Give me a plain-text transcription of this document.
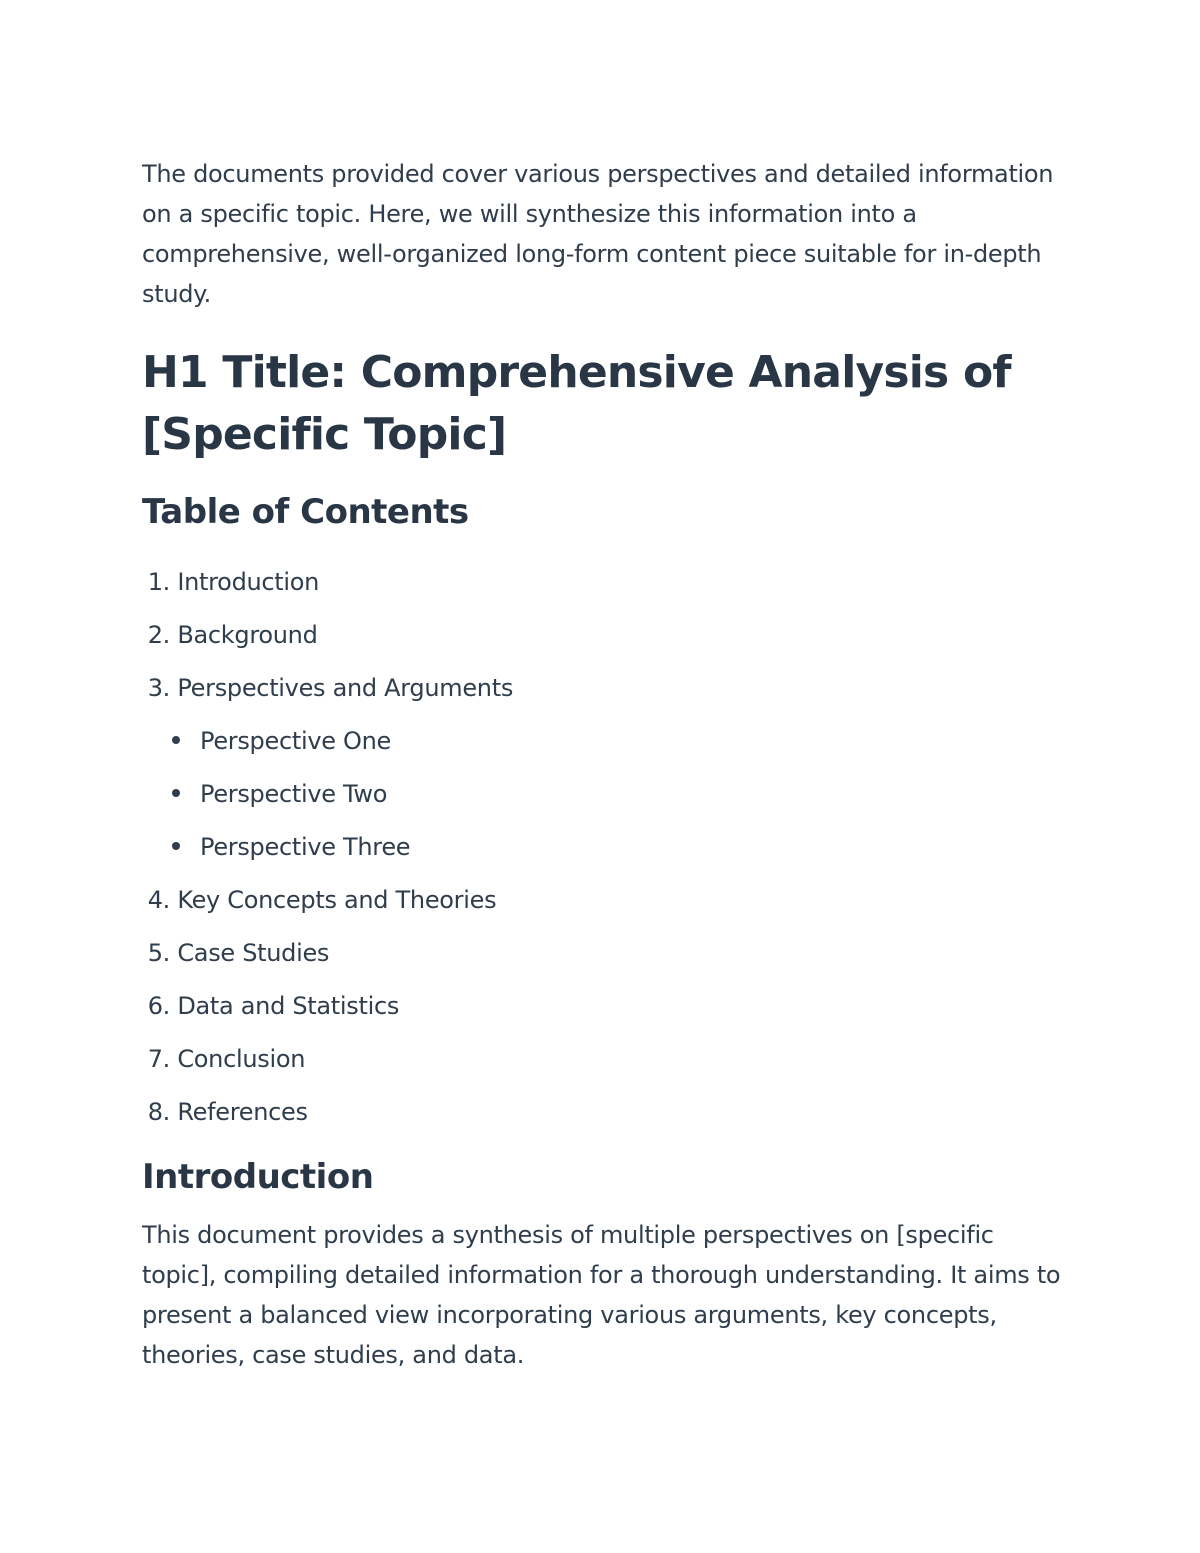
The documents provided cover various perspectives and detailed information on a specific topic. Here, we will synthesize this information into a comprehensive, well-organized long-form content piece suitable for in-depth study.

H1 Title: Comprehensive Analysis of [Specific Topic]
Table of Contents
1. Introduction
2. Background
3. Perspectives and Arguments
Perspective One
Perspective Two
Perspective Three
4. Key Concepts and Theories
5. Case Studies
6. Data and Statistics
7. Conclusion
8. References
Introduction

This document provides a synthesis of multiple perspectives on [specific topic], compiling detailed information for a thorough understanding. It aims to present a balanced view incorporating various arguments, key concepts, theories, case studies, and data.
